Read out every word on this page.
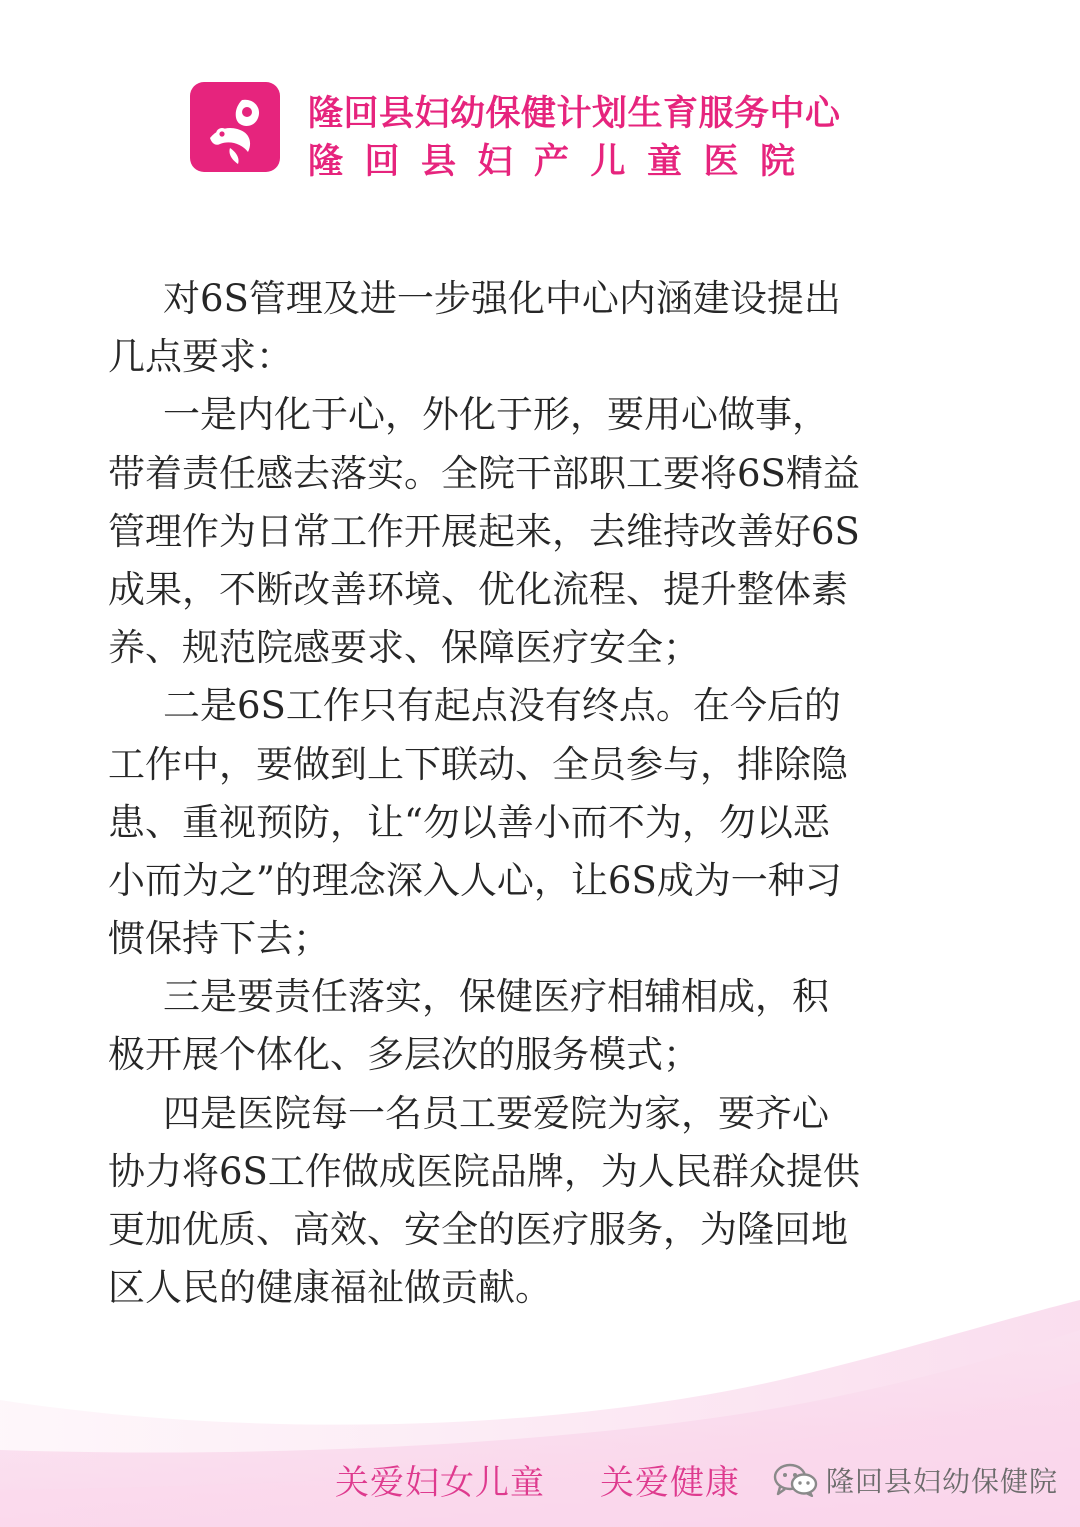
隆回县妇幼保健计划生育服务中心
隆回县妇产儿童医院
对6S管理及进一步强化中心内涵建设提出
几点要求：
一是内化于心，外化于形，要用心做事，
带着责任感去落实。全院干部职工要将6S精益
管理作为日常工作开展起来，去维持改善好6S
成果，不断改善环境、优化流程、提升整体素
养、规范院感要求、保障医疗安全；
二是6S工作只有起点没有终点。在今后的
工作中，要做到上下联动、全员参与，排除隐
患、重视预防，让“勿以善小而不为，勿以恶
小而为之”的理念深入人心，让6S成为一种习
惯保持下去；
三是要责任落实，保健医疗相辅相成，积
极开展个体化、多层次的服务模式；
四是医院每一名员工要爱院为家，要齐心
协力将6S工作做成医院品牌，为人民群众提供
更加优质、高效、安全的医疗服务，为隆回地
区人民的健康福祉做贡献。
关爱妇女儿童 关爱健康	隆回县妇幼保健院
